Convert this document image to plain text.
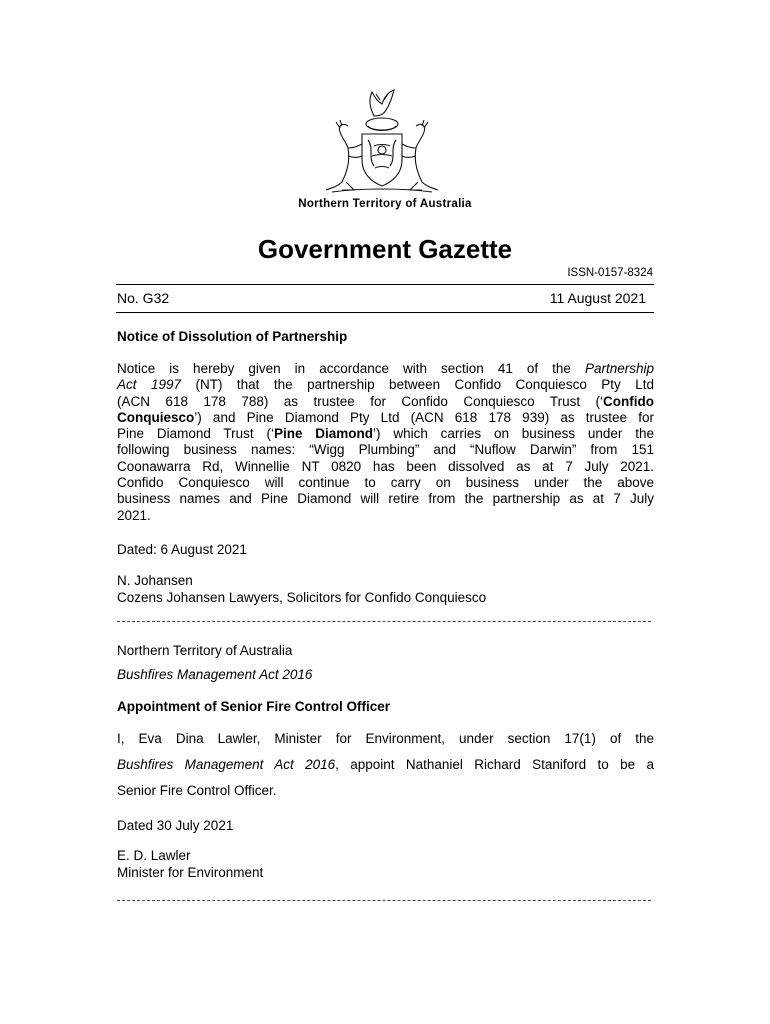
Northern Territory of Australia
Government Gazette
ISSN-0157-8324
No. G32	11 August 2021
Notice of Dissolution of Partnership
Notice is hereby given in accordance with section 41 of the Partnership
Act 1997 (NT) that the partnership between Confido Conquiesco Pty Ltd
(ACN 618 178 788) as trustee for Confido Conquiesco Trust (‘Confido
Conquiesco’) and Pine Diamond Pty Ltd (ACN 618 178 939) as trustee for
Pine Diamond Trust (‘Pine Diamond’) which carries on business under the
following business names: “Wigg Plumbing” and “Nuflow Darwin” from 151
Coonawarra Rd, Winnellie NT 0820 has been dissolved as at 7 July 2021.
Confido Conquiesco will continue to carry on business under the above
business names and Pine Diamond will retire from the partnership as at 7 July
2021.
Dated: 6 August 2021
N. Johansen
Cozens Johansen Lawyers, Solicitors for Confido Conquiesco
Northern Territory of Australia
Bushfires Management Act 2016
Appointment of Senior Fire Control Officer
I, Eva Dina Lawler, Minister for Environment, under section 17(1) of the
Bushfires Management Act 2016, appoint Nathaniel Richard Staniford to be a
Senior Fire Control Officer.
Dated 30 July 2021
E. D. Lawler
Minister for Environment
